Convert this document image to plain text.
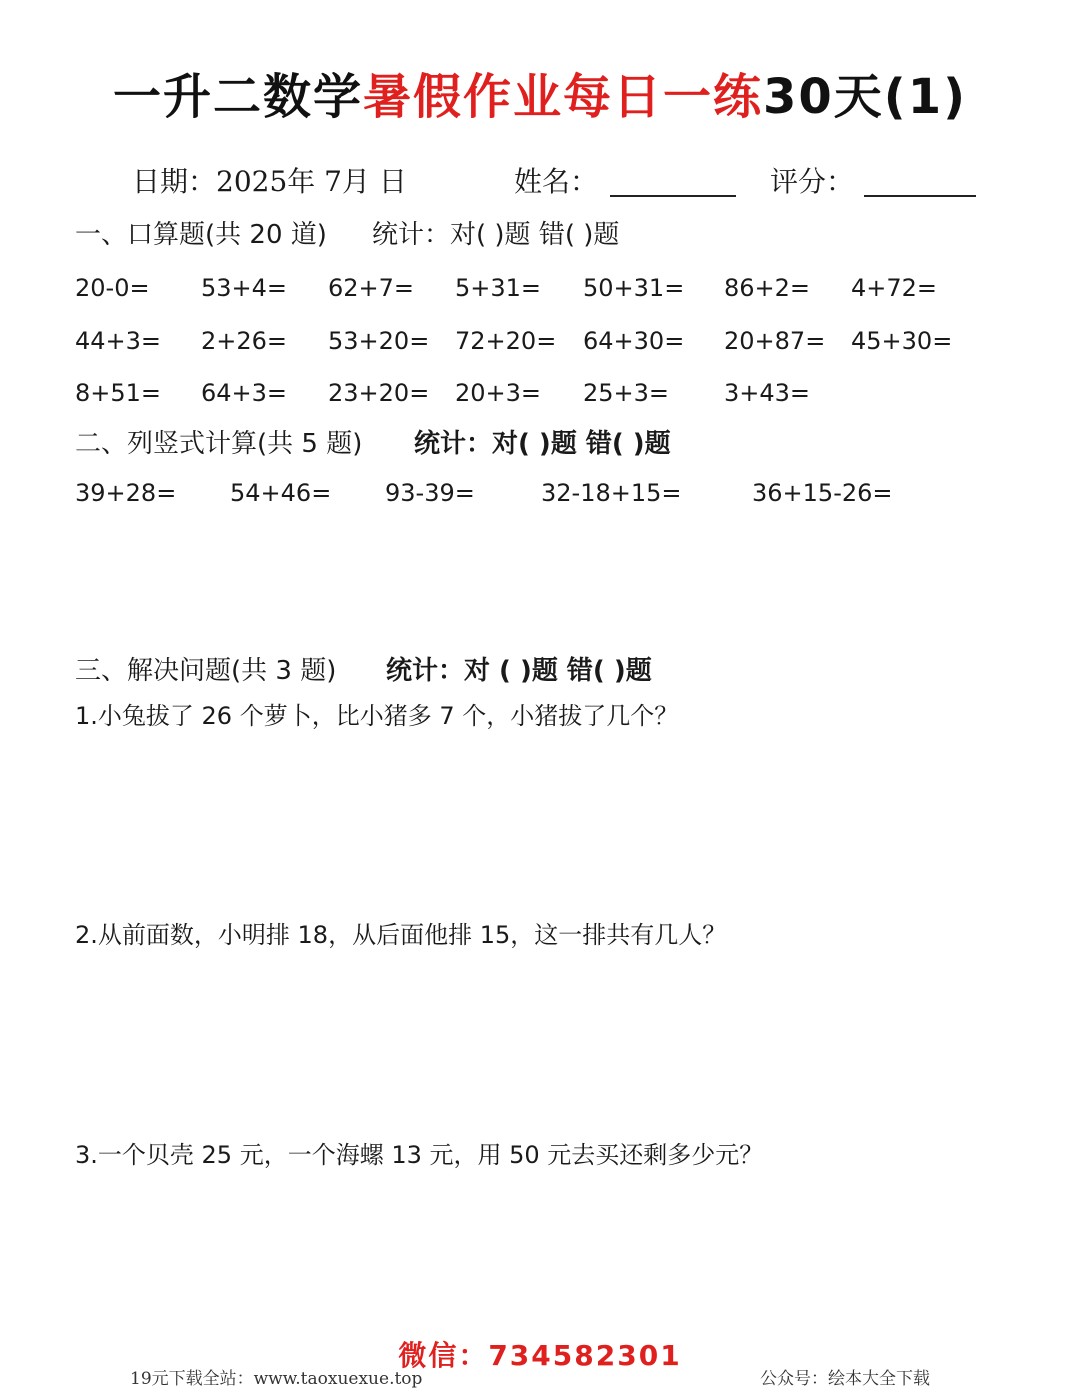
一升二数学暑假作业每日一练30天(1)
日期：2025年 7月 日	姓名：	评分：
一、口算题(共 20 道) 统计：对( )题 错( )题
20-0= 53+4= 62+7= 5+31= 50+31= 86+2= 4+72=
44+3= 2+26= 53+20= 72+20= 64+30= 20+87= 45+30=
8+51= 64+3= 23+20= 20+3= 25+3= 3+43=
二、列竖式计算(共 5 题) 统计：对( )题 错( )题
39+28= 54+46= 93-39=	32-18+15=	36+15-26=
三、解决问题(共 3 题) 统计：对 ( )题 错( )题
1.小兔拔了 26 个萝卜，比小猪多 7 个，小猪拔了几个？
2.从前面数，小明排 18，从后面他排 15，这一排共有几人？
3.一个贝壳 25 元，一个海螺 13 元，用 50 元去买还剩多少元？
微信：734582301
19元下载全站：www.taoxuexue.top	公众号：绘本大全下载
